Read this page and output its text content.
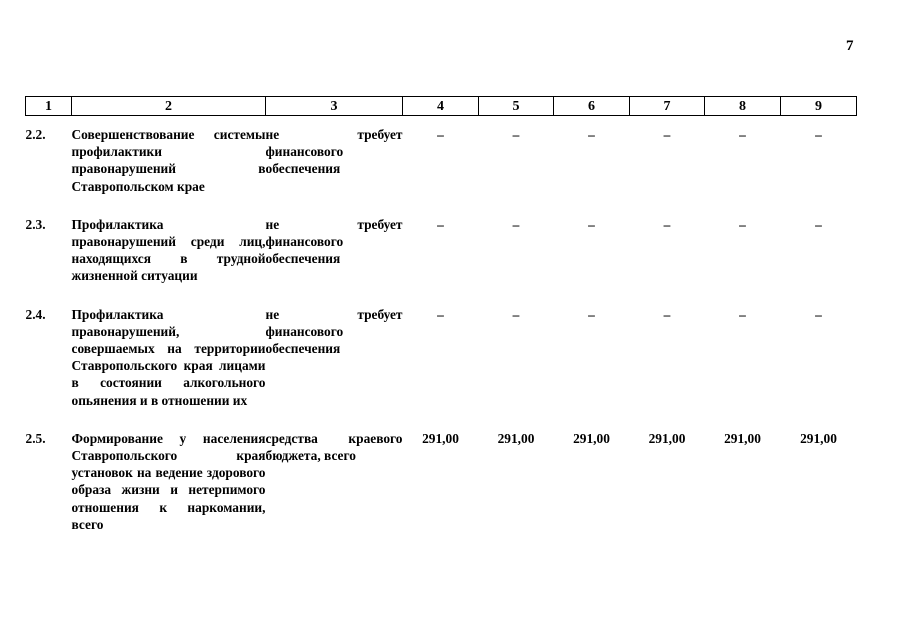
7
1	2	3	4	5	6	7	8	9
2.2.	Совершенствование системы профилактики правонарушений в Ставропольском крае	не требует финансового обеспечения	–	–	–	–	–	–
2.3.	Профилактика правонарушений среди лиц, находящихся в трудной жизненной ситуации	не требует финансового обеспечения	–	–	–	–	–	–
2.4.	Профилактика правонарушений, совершаемых на территории Ставропольского края лицами в состоянии алкогольного опьянения и в отношении их	не требует финансового обеспечения	–	–	–	–	–	–
2.5.	Формирование у населения Ставропольского края установок на ведение здорового образа жизни и нетерпимого отношения к наркомании, всего	средства краевого бюджета, всего	291,00	291,00	291,00	291,00	291,00	291,00
